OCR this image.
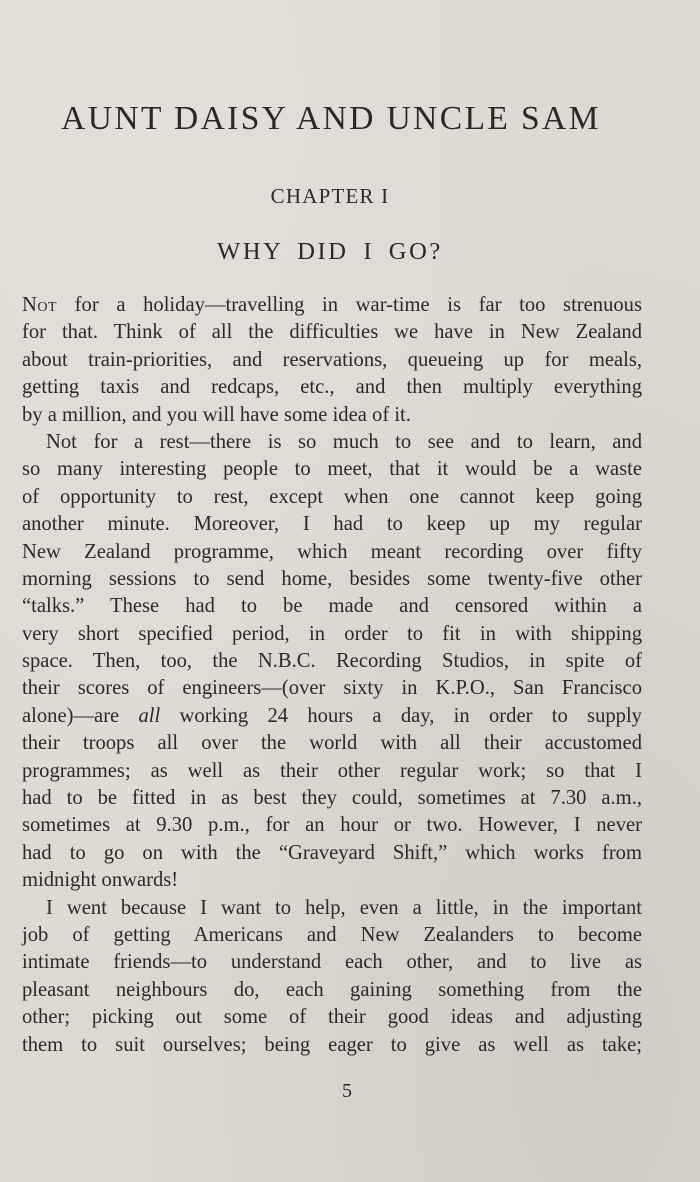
AUNT DAISY AND UNCLE SAM
CHAPTER I
WHY DID I GO?
Not for a holiday—travelling in war-time is far too strenuous
for that. Think of all the difficulties we have in New Zealand
about train-priorities, and reservations, queueing up for meals,
getting taxis and redcaps, etc., and then multiply everything
by a million, and you will have some idea of it.
Not for a rest—there is so much to see and to learn, and
so many interesting people to meet, that it would be a waste
of opportunity to rest, except when one cannot keep going
another minute. Moreover, I had to keep up my regular
New Zealand programme, which meant recording over fifty
morning sessions to send home, besides some twenty-five other
“talks.” These had to be made and censored within a
very short specified period, in order to fit in with shipping
space. Then, too, the N.B.C. Recording Studios, in spite of
their scores of engineers—(over sixty in K.P.O., San Francisco
alone)—are all working 24 hours a day, in order to supply
their troops all over the world with all their accustomed
programmes; as well as their other regular work; so that I
had to be fitted in as best they could, sometimes at 7.30 a.m.,
sometimes at 9.30 p.m., for an hour or two. However, I never
had to go on with the “Graveyard Shift,” which works from
midnight onwards!
I went because I want to help, even a little, in the important
job of getting Americans and New Zealanders to become
intimate friends—to understand each other, and to live as
pleasant neighbours do, each gaining something from the
other; picking out some of their good ideas and adjusting
them to suit ourselves; being eager to give as well as take;
5
